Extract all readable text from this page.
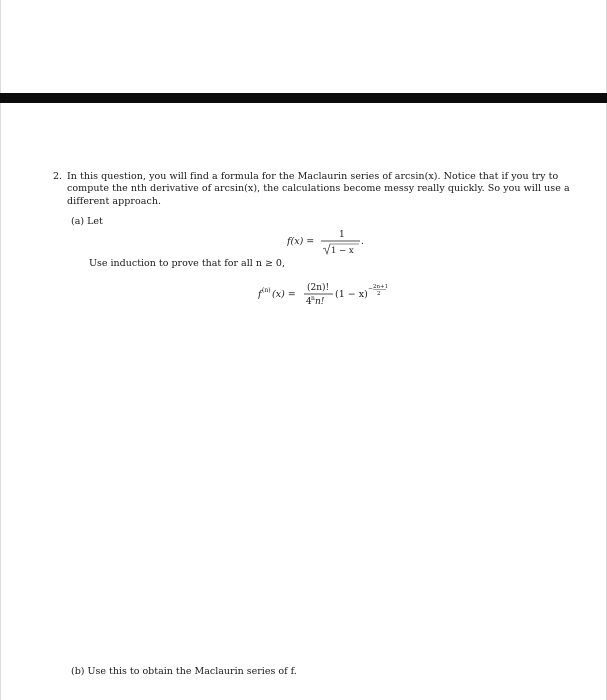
2. In this question, you will find a formula for the Maclaurin series of arcsin(x). Notice that if you try to
compute the nth derivative of arcsin(x), the calculations become messy really quickly. So you will use a
different approach.
(a) Let
f(x) =
1
1 − x
.
Use induction to prove that for all n ≥ 0,
f (n) (x) =
(2n)!
4 n n!
(1 − x)
− 2n+1
2
(b) Use this to obtain the Maclaurin series of f.
